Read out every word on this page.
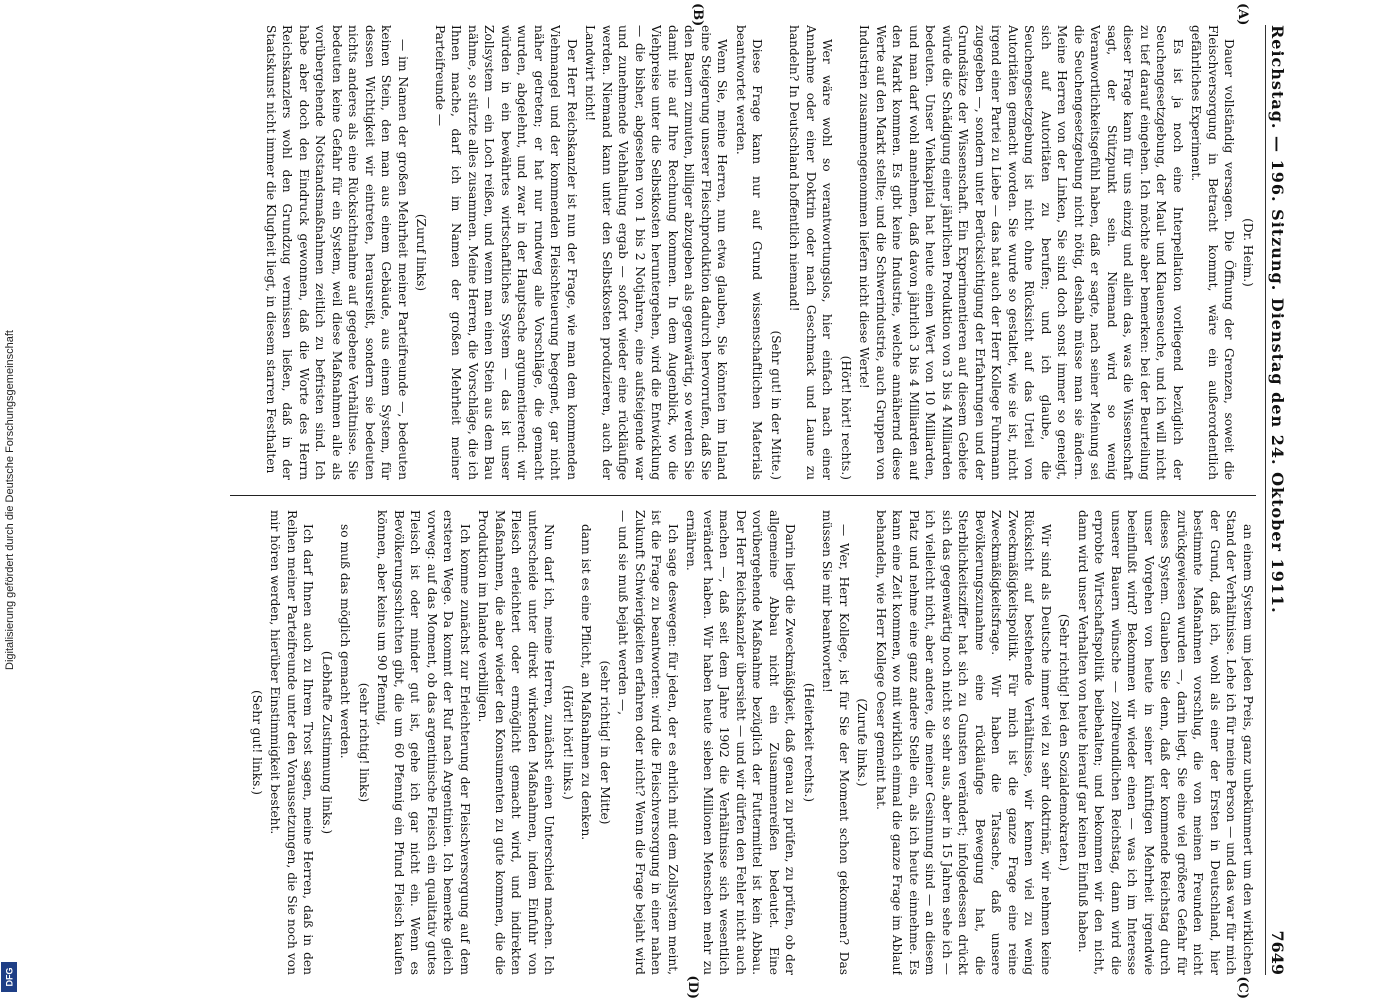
Reichstag. — 196. Sitzung. Dienstag den 24. Oktober 1911.
7649
(A)
(B)
(C)
(D)

(Dr. Heim.)

Dauer vollständig versagen. Die Öffnung der Grenzen, soweit die Fleischversorgung in Betracht kommt, wäre ein außerordentlich gefährliches Experiment.

Es ist ja noch eine Interpellation vorliegend bezüglich der Seuchengesetzgebung, der Maul- und Klauenseuche, und ich will nicht zu tief darauf eingehen. Ich möchte aber bemerken: bei der Beurteilung dieser Frage kann für uns einzig und allein das, was die Wissenschaft sagt, der Stützpunkt sein. Niemand wird so wenig Veranwortlichkeitsgefühl haben, daß er sagte, nach seiner Meinung sei die Seuchengesetzgebung nicht nötig, deshalb müsse man sie ändern. Meine Herren von der Linken, Sie sind doch sonst immer so geneigt, sich auf Autoritäten zu berufen; und ich glaube, die Seuchengesetzgebung ist nicht ohne Rücksicht auf das Urteil von Autoritäten gemacht worden. Sie wurde so gestaltet, wie sie ist, nicht irgend einer Partei zu Liebe — das hat auch der Herr Kollege Fuhrmann zugegeben —, sondern unter Berücksichtigung der Erfahrungen und der Grundsätze der Wissenschaft. Ein Experimentieren auf diesem Gebiete würde die Schädigung einer jährlichen Produktion von 3 bis 4 Milliarden bedeuten. Unser Viehkapital hat heute einen Wert von 10 Milliarden, und man darf wohl annehmen, daß davon jährlich 3 bis 4 Milliarden auf den Markt kommen. Es gibt keine Industrie, welche annähernd diese Werte auf den Markt stellte; und die Schwerindustrie, auch Gruppen von Industrien zusammengenommen liefern nicht diese Werte!

(Hört! hört! rechts.)

Wer wäre wohl so verantwortungslos, hier einfach nach einer Annahme oder einer Doktrin oder nach Geschmack und Laune zu handeln? In Deutschland hoffentlich niemand!

(Sehr gut! in der Mitte.)

Diese Frage kann nur auf Grund wissenschaftlichen Materials beantwortet werden.

Wenn Sie, meine Herren, nun etwa glauben, Sie könnten im Inland eine Steigerung unserer Fleischproduktion dadurch hervorrufen, daß Sie den Bauern zumuten, billiger abzugeben als gegenwärtig, so werden Sie damit nie auf Ihre Rechnung kommen. In dem Augenblick, wo die Viehpreise unter die Selbstkosten heruntergehen, wird die Entwicklung — die bisher, abgesehen von 1 bis 2 Notjahren, eine aufsteigende war und zunehmende Viehhaltung ergab — sofort wieder eine rückläufige werden. Niemand kann unter den Selbstkosten produzieren, auch der Landwirt nicht!

Der Herr Reichskanzler ist nun der Frage, wie man dem kommenden Viehmangel und der kommenden Fleischteuerung begegnet, gar nicht näher getreten; er hat nur rundweg alle Vorschläge, die gemacht wurden, abgelehnt, und zwar in der Hauptsache argumentierend: wir würden in ein bewährtes wirtschaftliches System — das ist unser Zollsystem — ein Loch reißen, und wenn man einen Stein aus dem Bau nähme, so stürzte alles zusammen. Meine Herren, die Vorschläge, die ich Ihnen mache, darf ich im Namen der großen Mehrheit meiner Parteifreunde —

(Zuruf links)

— im Namen der großen Mehrheit meiner Parteifreunde —, bedeuten keinen Stein, den man aus einem Gebäude, aus einem System, für dessen Wichtigkeit wir eintreten, herausreißt, sondern sie bedeuten nichts anderes als eine Rücksichtnahme auf gegebene Verhältnisse. Sie bedeuten keine Gefahr für ein System, weil diese Maßnahmen alle als vorübergehende Notstandsmaßnahmen zeitlich zu befristen sind. Ich habe aber doch den Eindruck gewonnen, daß die Worte des Herrn Reichskanzlers wohl den Grundzug vermissen ließen, daß in der Staatskunst nicht immer die Klugheit liegt, in diesem starren Festhalten

an einem System um jeden Preis, ganz unbekümmert um den wirklichen Stand der Verhältnisse. Lehe ich für meine Person — und das war für mich der Grund, daß ich, wohl als einer der Ersten in Deutschland, hier bestimmte Maßnahmen vorschlug, die von meinen Freunden nicht zurückgewiesen wurden —, darin liegt, Sie eine viel größere Gefahr für dieses System. Glauben Sie denn, daß der kommende Reichstag durch unser Vorgehen von heute in seiner künftigen Mehrheit irgendwie beeinflußt wird? Bekommen wir wieder einen — was ich im Interesse unserer Bauern wünsche — zollfreundlichen Reichstag, dann wird die erprobte Wirtschaftspolitik beibehalten; und bekommen wir den nicht, dann wird unser Verhalten von heute hierauf gar keinen Einfluß haben.

(Sehr richtig! bei den Sozialdemokraten.)

Wir sind als Deutsche immer viel zu sehr doktrinär, wir nehmen keine Rücksicht auf bestehende Verhältnisse, wir kennen viel zu wenig Zweckmäßigkeitspolitik. Für mich ist die ganze Frage eine reine Zweckmäßigkeitsfrage. Wir haben die Tatsache, daß unsere Bevölkerungszunahme eine rückläufige Bewegung hat, die Sterblichkeitsziffer hat sich zu Gunsten verändert; infolgedessen drückt sich das gegenwärtig noch nicht so sehr aus, aber in 15 Jahren sehe ich — ich vielleicht nicht, aber andere, die meiner Gesinnung sind — an diesem Platz und nehme eine ganz andere Stelle ein, als ich heute einnehme. Es kann eine Zeit kommen, wo mit wirklich einmal die ganze Frage im Ablauf behandeln, wie Herr Kollege Oeser gemeint hat.

(Zurufe links.)

— Wer, Herr Kollege, ist für Sie der Moment schon gekommen? Das müssen Sie mir beantworten!

(Heiterkeit rechts.)

Darin liegt die Zweckmäßigkeit, daß genau zu prüfen, zu prüfen, ob der allgemeine Abbau nicht ein Zusammenreißen bedeutet. Eine vorübergehende Maßnahme bezüglich der Futtermittel ist kein Abbau. Der Herr Reichskanzler übersieht — und wir dürfen den Fehler nicht auch machen —, daß seit dem Jahre 1902 die Verhältnisse sich wesentlich verändert haben. Wir haben heute sieben Millionen Menschen mehr zu ernähren.

Ich sage deswegen: für jeden, der es ehrlich mit dem Zollsystem meint, ist die Frage zu beantworten: wird die Fleischversorgung in einer nahen Zukunft Schwierigkeiten erfahren oder nicht? Wenn die Frage bejaht wird — und sie muß bejaht werden —,

(sehr richtig! in der Mitte)

dann ist es eine Pflicht, an Maßnahmen zu denken.

(Hört! hört! links.)

Nun darf ich, meine Herren, zunächst einen Unterschied machen. Ich unterscheide unter direkt wirkenden Maßnahmen, indem Einfuhr von Fleisch erleichtert oder ermöglicht gemacht wird, und indirekten Maßnahmen, die aber wieder den Konsumenten zu gute kommen, die die Produktion im Inlande verbilligen.

Ich komme zunächst zur Erleichterung der Fleischversorgung auf dem ersteren Wege. Da kommt der Ruf nach Argentinien. Ich bemerke gleich vorweg: auf das Moment, ob das argentinische Fleisch ein qualitativ gutes Fleisch ist oder minder gut ist, gehe ich gar nicht ein. Wenn es Bevölkerungsschichten gibt, die um 60 Pfennig ein Pfund Fleisch kaufen können, aber keins um 90 Pfennig,

(sehr richtig! links)

so muß das möglich gemacht werden.

(Lebhafte Zustimmung links.)

Ich darf Ihnen auch zu Ihrem Trost sagen, meine Herren, daß in den Reihen meiner Parteifreunde unter den Voraussetzungen, die Sie noch von mir hören werden, hierüber Einstimmigkeit besteht.

(Sehr gut! links.)

Digitalisierung gefördert durch die Deutsche Forschungsgemeinschaft
DFG
